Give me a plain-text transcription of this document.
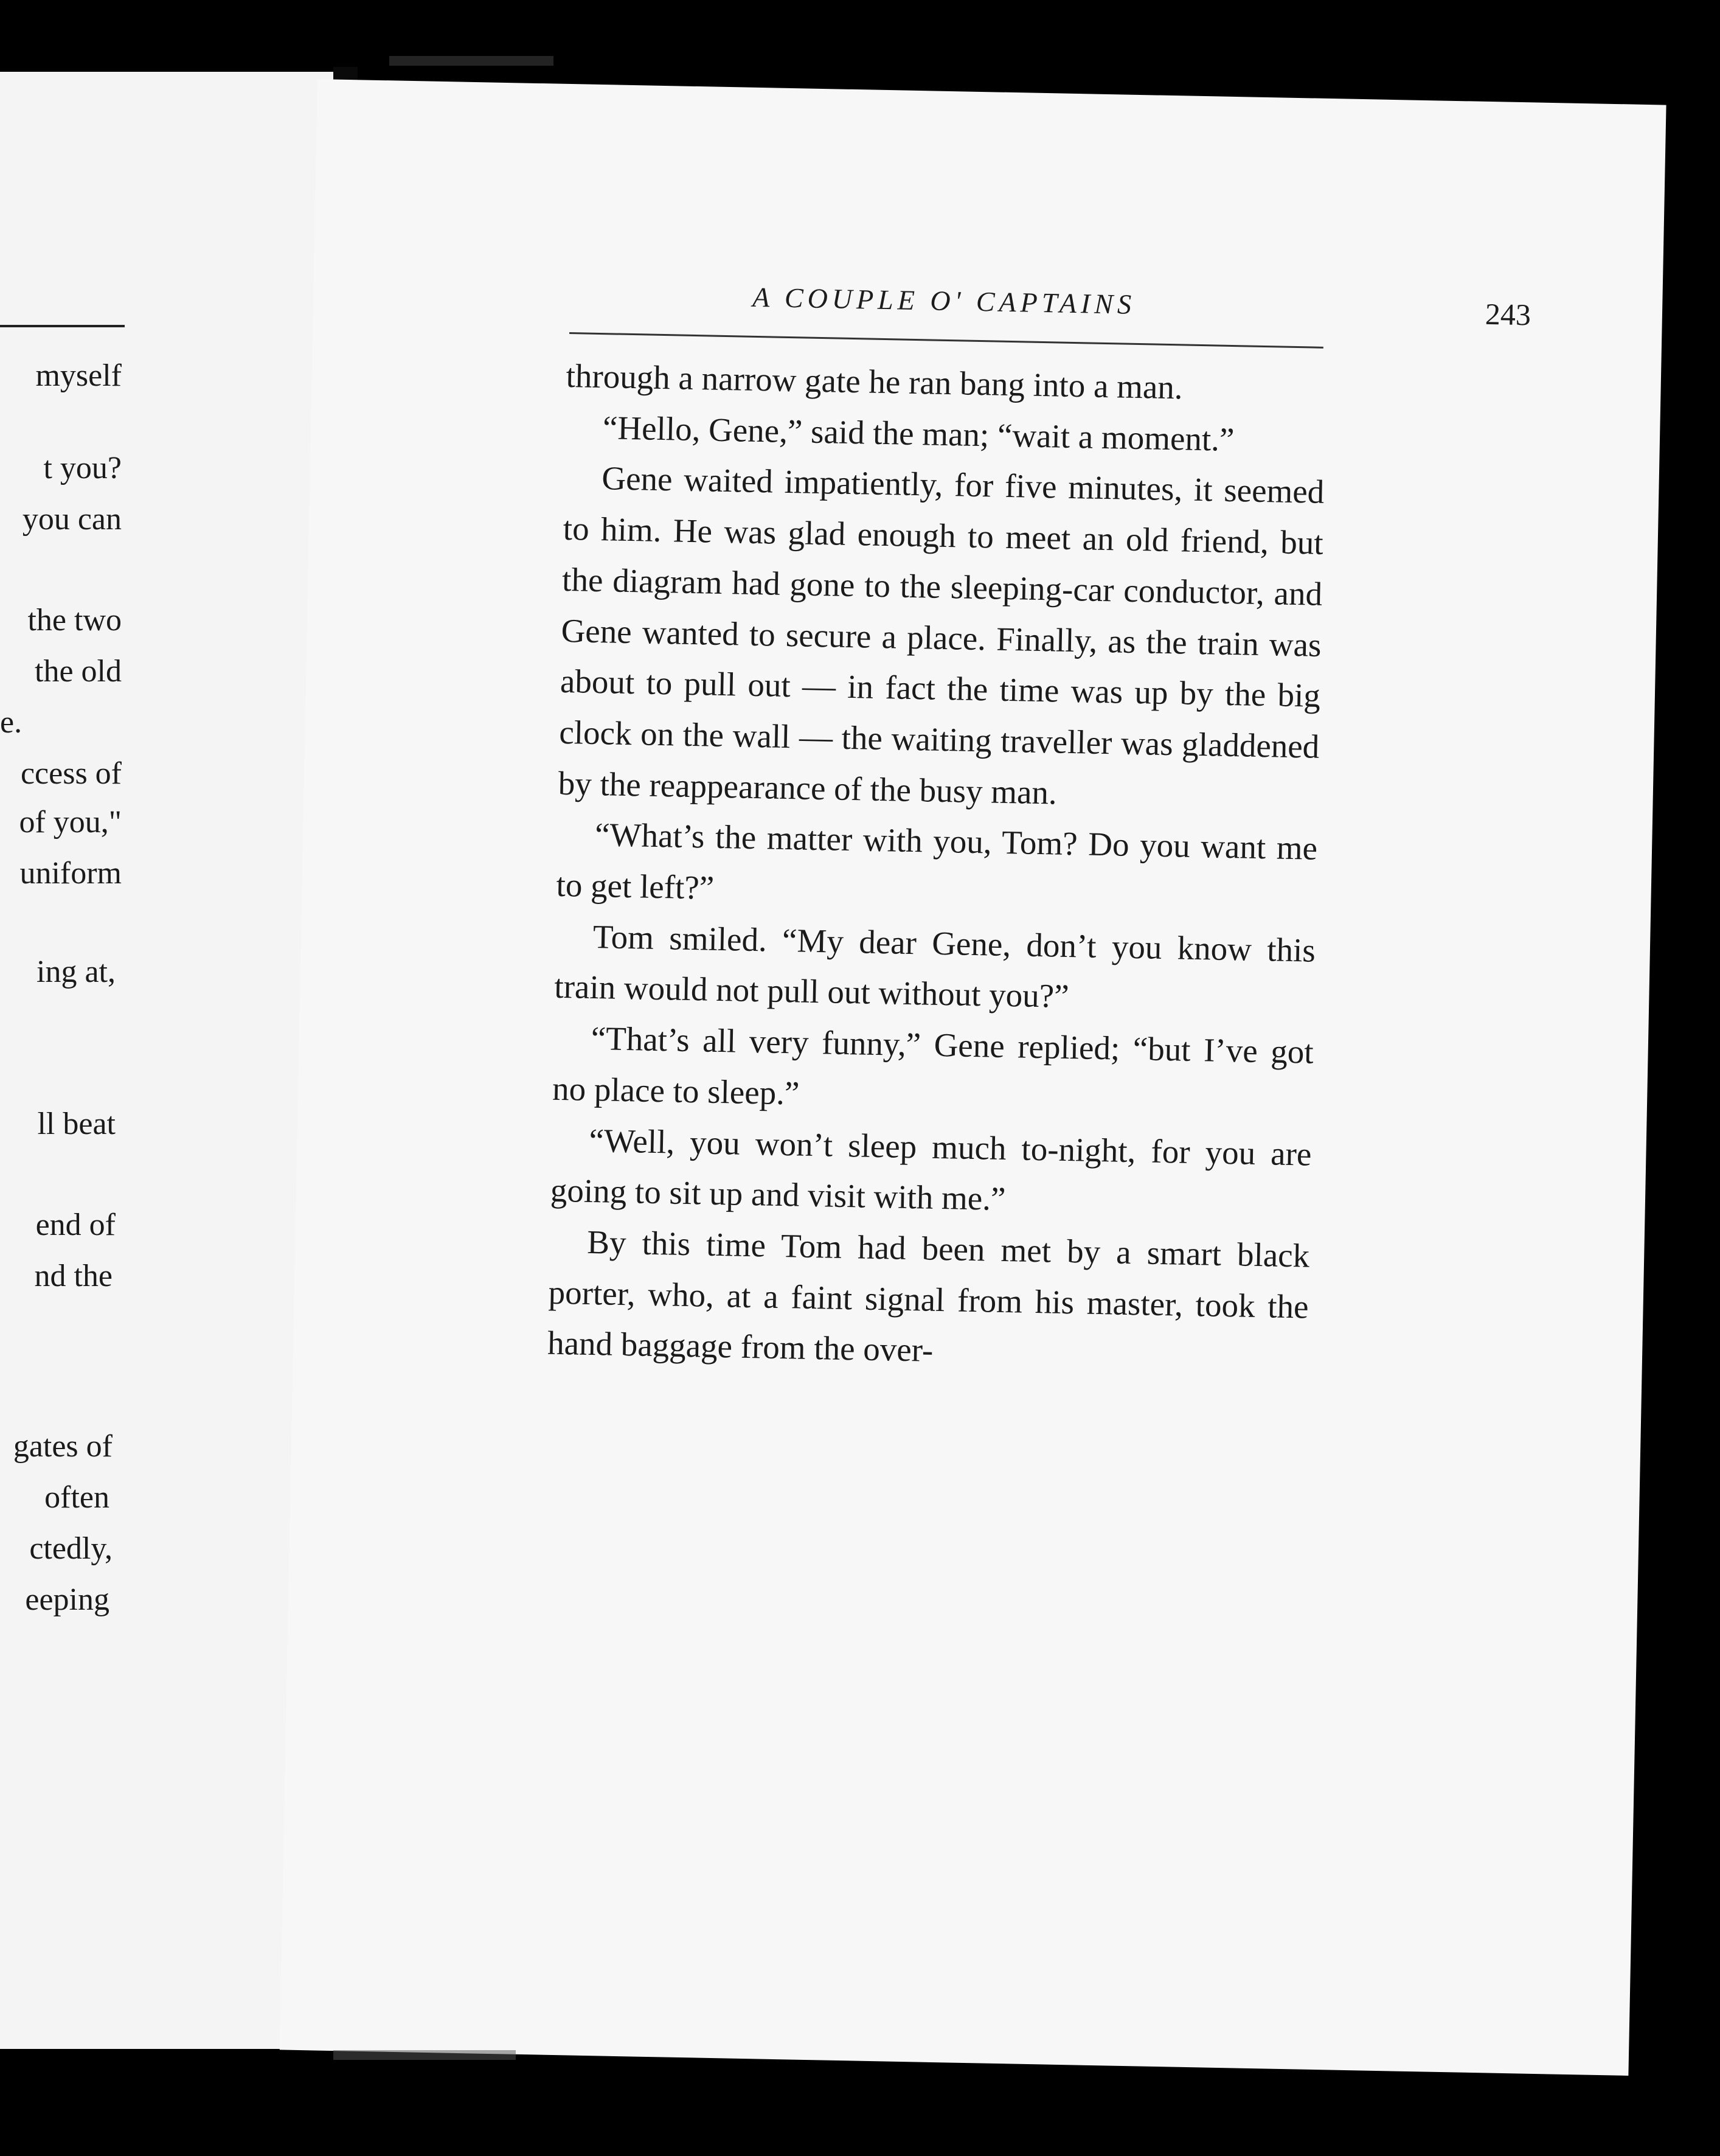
myself
t you?
you can
the two
the old
e.
ccess of
of you,"
uniform
ing at,
ll beat
end of
nd the
gates of
often
ctedly,
eeping
A COUPLE O' CAPTAINS	243

through a narrow gate he ran bang into a man.

“Hello, Gene,” said the man; “wait a moment.”

Gene waited impatiently, for five minutes, it seemed to him. He was glad enough to meet an old friend, but the diagram had gone to the sleeping-car conductor, and Gene wanted to secure a place. Finally, as the train was about to pull out — in fact the time was up by the big clock on the wall — the waiting traveller was gladdened by the reappearance of the busy man.

“What’s the matter with you, Tom? Do you want me to get left?”

Tom smiled. “My dear Gene, don’t you know this train would not pull out without you?”

“That’s all very funny,” Gene replied; “but I’ve got no place to sleep.”

“Well, you won’t sleep much to-night, for you are going to sit up and visit with me.”

By this time Tom had been met by a smart black porter, who, at a faint signal from his master, took the hand baggage from the over-
